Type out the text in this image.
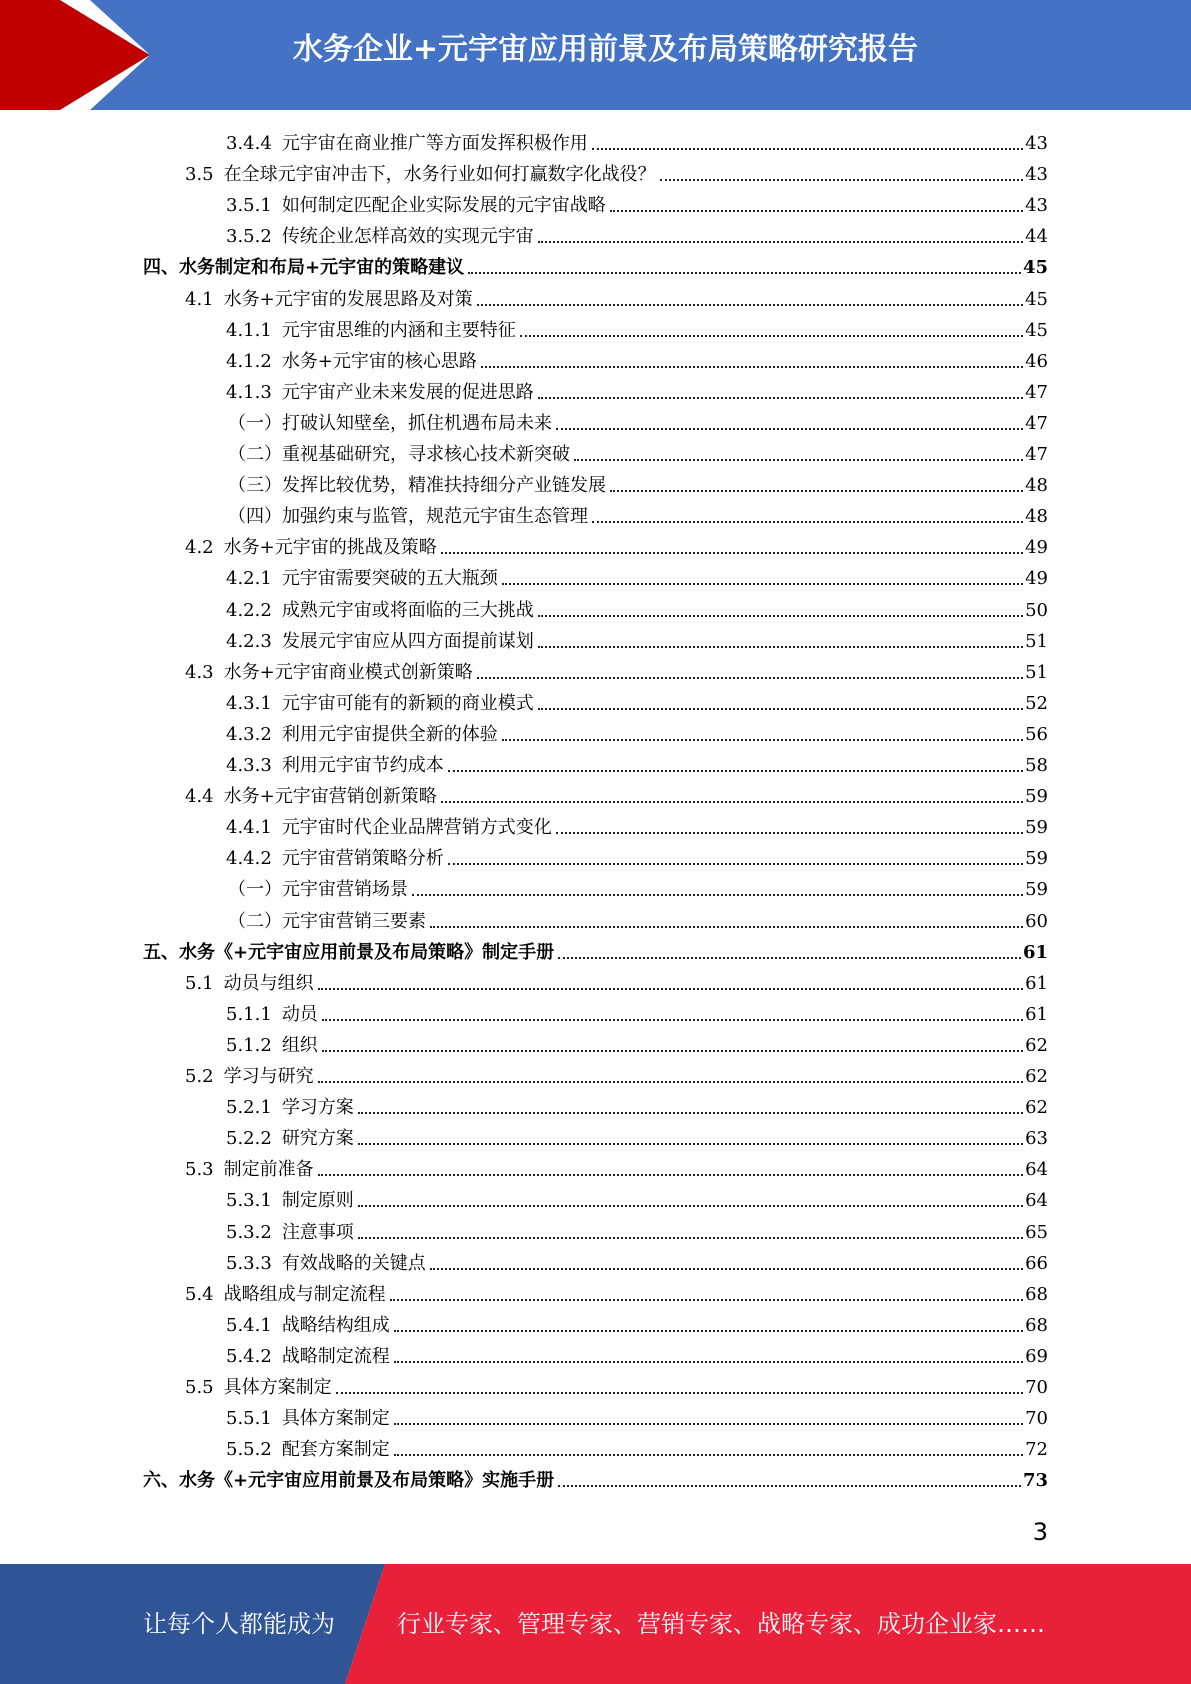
水务企业+元宇宙应用前景及布局策略研究报告
3.4.4 元宇宙在商业推广等方面发挥积极作用	43
3.5 在全球元宇宙冲击下，水务行业如何打赢数字化战役？	43
3.5.1 如何制定匹配企业实际发展的元宇宙战略	43
3.5.2 传统企业怎样高效的实现元宇宙	44
四、水务制定和布局+元宇宙的策略建议	45
4.1 水务+元宇宙的发展思路及对策	45
4.1.1 元宇宙思维的内涵和主要特征	45
4.1.2 水务+元宇宙的核心思路	46
4.1.3 元宇宙产业未来发展的促进思路	47
（一）打破认知壁垒，抓住机遇布局未来	47
（二）重视基础研究，寻求核心技术新突破	47
（三）发挥比较优势，精准扶持细分产业链发展	48
（四）加强约束与监管，规范元宇宙生态管理	48
4.2 水务+元宇宙的挑战及策略	49
4.2.1 元宇宙需要突破的五大瓶颈	49
4.2.2 成熟元宇宙或将面临的三大挑战	50
4.2.3 发展元宇宙应从四方面提前谋划	51
4.3 水务+元宇宙商业模式创新策略	51
4.3.1 元宇宙可能有的新颖的商业模式	52
4.3.2 利用元宇宙提供全新的体验	56
4.3.3 利用元宇宙节约成本	58
4.4 水务+元宇宙营销创新策略	59
4.4.1 元宇宙时代企业品牌营销方式变化	59
4.4.2 元宇宙营销策略分析	59
（一）元宇宙营销场景	59
（二）元宇宙营销三要素	60
五、水务《+元宇宙应用前景及布局策略》制定手册	61
5.1 动员与组织	61
5.1.1 动员	61
5.1.2 组织	62
5.2 学习与研究	62
5.2.1 学习方案	62
5.2.2 研究方案	63
5.3 制定前准备	64
5.3.1 制定原则	64
5.3.2 注意事项	65
5.3.3 有效战略的关键点	66
5.4 战略组成与制定流程	68
5.4.1 战略结构组成	68
5.4.2 战略制定流程	69
5.5 具体方案制定	70
5.5.1 具体方案制定	70
5.5.2 配套方案制定	72
六、水务《+元宇宙应用前景及布局策略》实施手册	73
3
让每个人都能成为	行业专家、管理专家、营销专家、战略专家、成功企业家……
